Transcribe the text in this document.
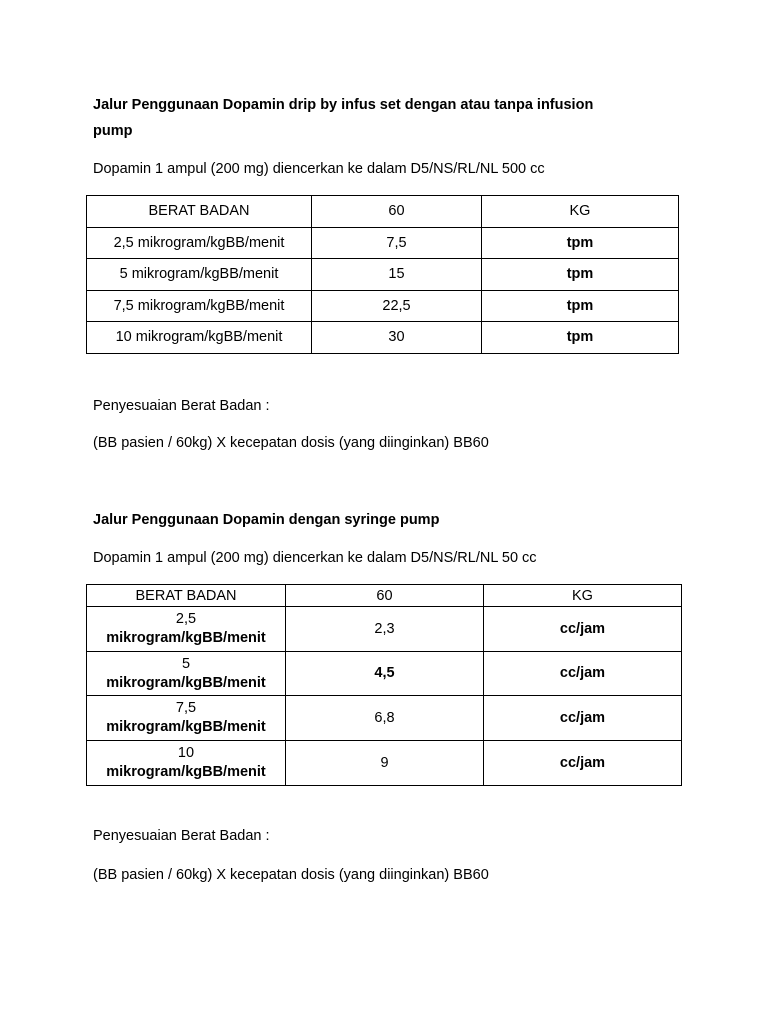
Jalur Penggunaan Dopamin drip by infus set dengan atau tanpa infusion
pump
Dopamin 1 ampul (200 mg) diencerkan ke dalam D5/NS/RL/NL 500 cc
BERAT BADAN	60	KG
2,5 mikrogram/kgBB/menit	7,5	tpm
5 mikrogram/kgBB/menit	15	tpm
7,5 mikrogram/kgBB/menit	22,5	tpm
10 mikrogram/kgBB/menit	30	tpm
Penyesuaian Berat Badan :
(BB pasien / 60kg) X kecepatan dosis (yang diinginkan) BB60
Jalur Penggunaan Dopamin dengan syringe pump
Dopamin 1 ampul (200 mg) diencerkan ke dalam D5/NS/RL/NL 50 cc
BERAT BADAN	60	KG

2,5
mikrogram/kgBB/menit	2,3	cc/jam

5
mikrogram/kgBB/menit	4,5	cc/jam

7,5
mikrogram/kgBB/menit	6,8	cc/jam

10
mikrogram/kgBB/menit	9	cc/jam
Penyesuaian Berat Badan :
(BB pasien / 60kg) X kecepatan dosis (yang diinginkan) BB60
